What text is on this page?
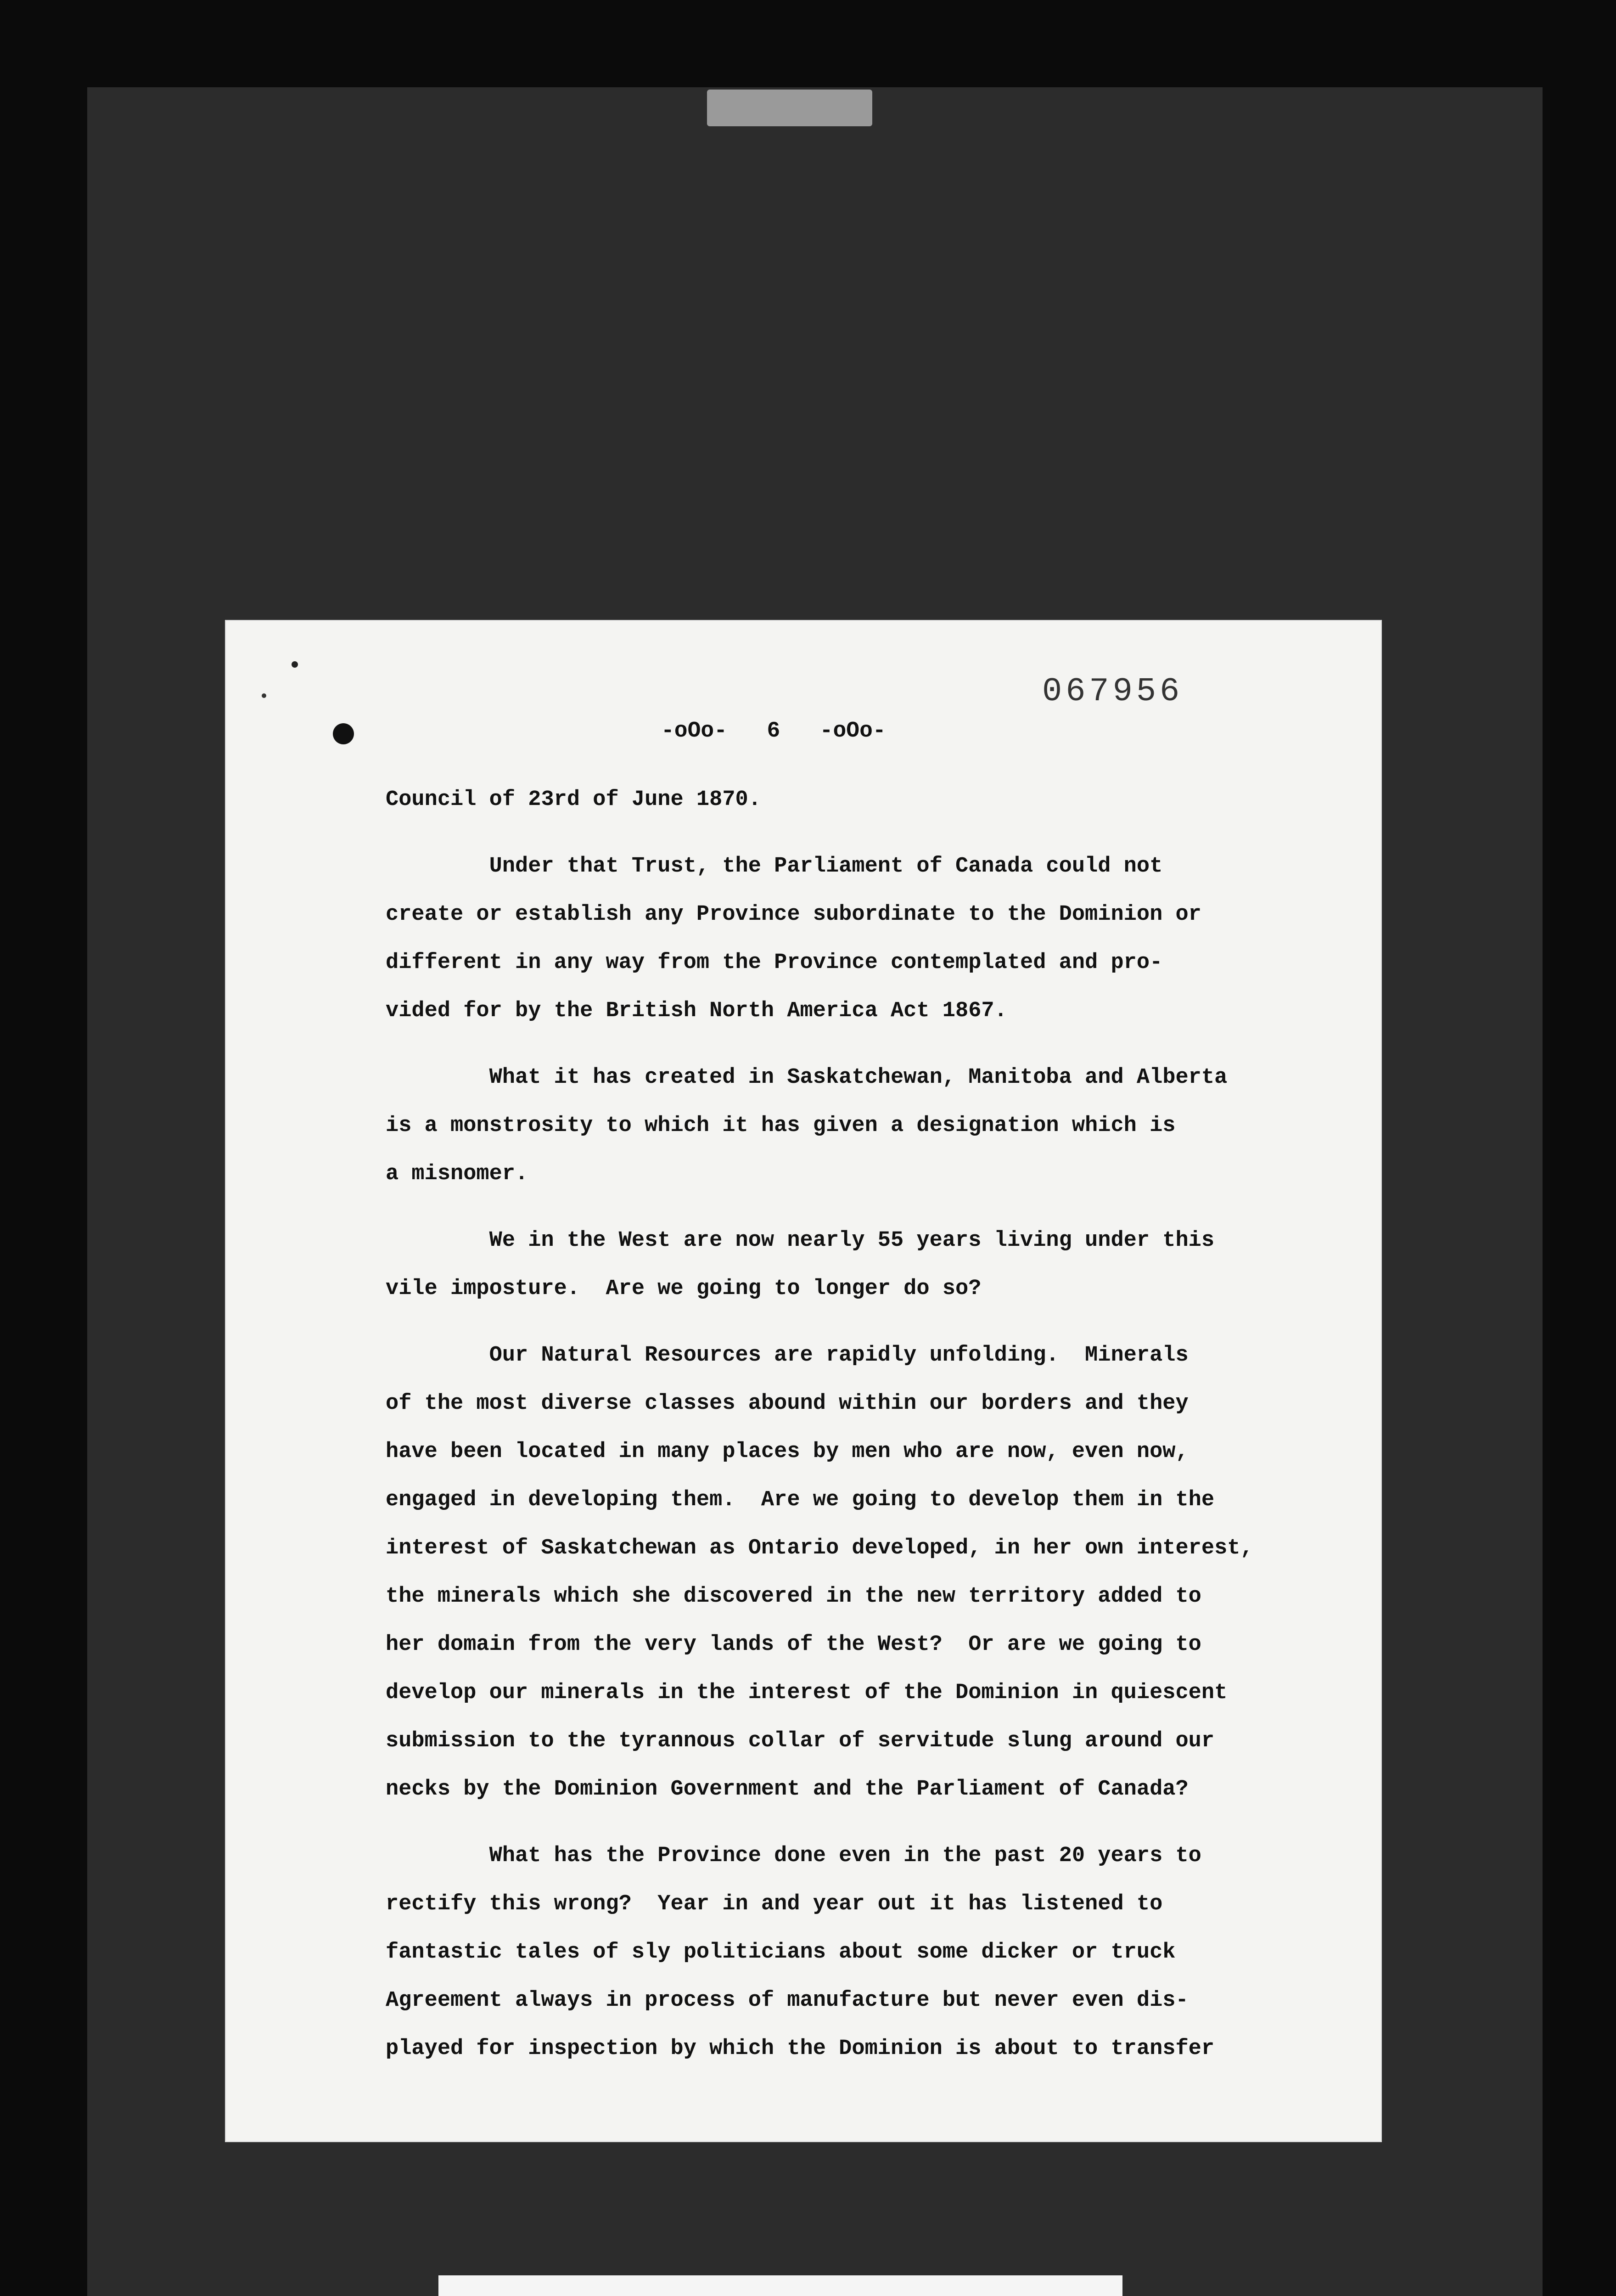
067956
-oOo-   6   -oOo-
Council of 23rd of June 1870.
Under that Trust, the Parliament of Canada could not
create or establish any Province subordinate to the Dominion or
different in any way from the Province contemplated and pro-
vided for by the British North America Act 1867.
What it has created in Saskatchewan, Manitoba and Alberta
is a monstrosity to which it has given a designation which is
a misnomer.
We in the West are now nearly 55 years living under this
vile imposture.  Are we going to longer do so?
Our Natural Resources are rapidly unfolding.  Minerals
of the most diverse classes abound within our borders and they
have been located in many places by men who are now, even now,
engaged in developing them.  Are we going to develop them in the
interest of Saskatchewan as Ontario developed, in her own interest,
the minerals which she discovered in the new territory added to
her domain from the very lands of the West?  Or are we going to
develop our minerals in the interest of the Dominion in quiescent
submission to the tyrannous collar of servitude slung around our
necks by the Dominion Government and the Parliament of Canada?
What has the Province done even in the past 20 years to
rectify this wrong?  Year in and year out it has listened to
fantastic tales of sly politicians about some dicker or truck
Agreement always in process of manufacture but never even dis-
played for inspection by which the Dominion is about to transfer
